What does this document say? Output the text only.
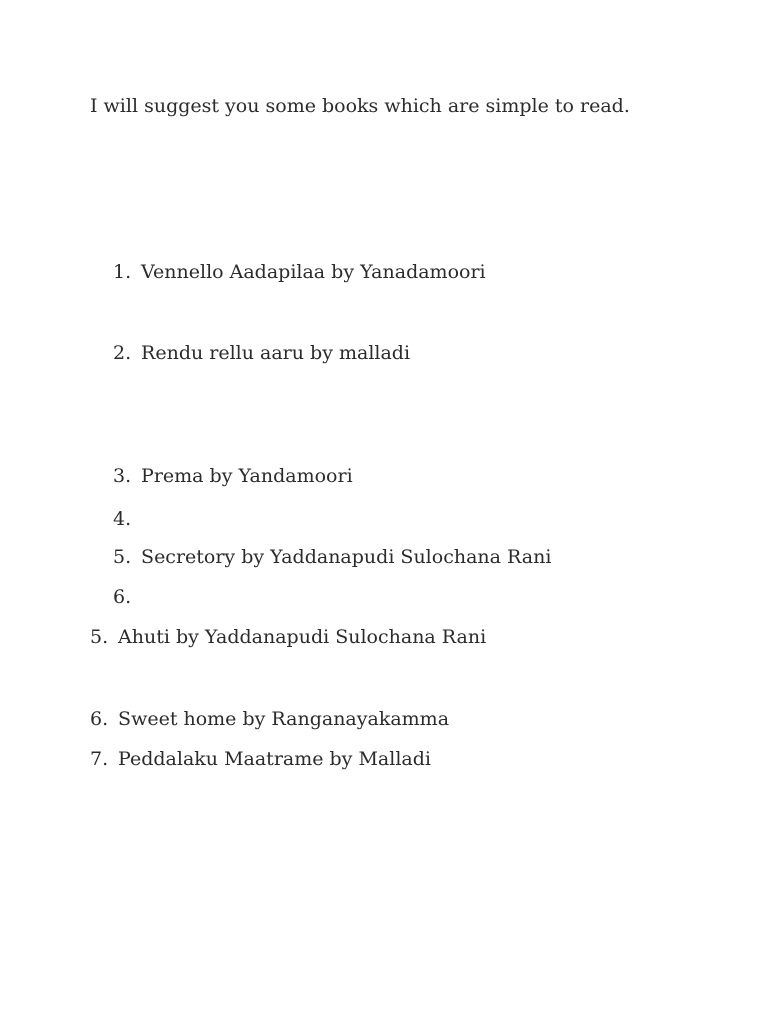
I will suggest you some books which are simple to read.
1. Vennello Aadapilaa by Yanadamoori
2. Rendu rellu aaru by malladi
3. Prema by Yandamoori
4.
5. Secretory by Yaddanapudi Sulochana Rani
6.
5. Ahuti by Yaddanapudi Sulochana Rani
6. Sweet home by Ranganayakamma
7. Peddalaku Maatrame by Malladi
